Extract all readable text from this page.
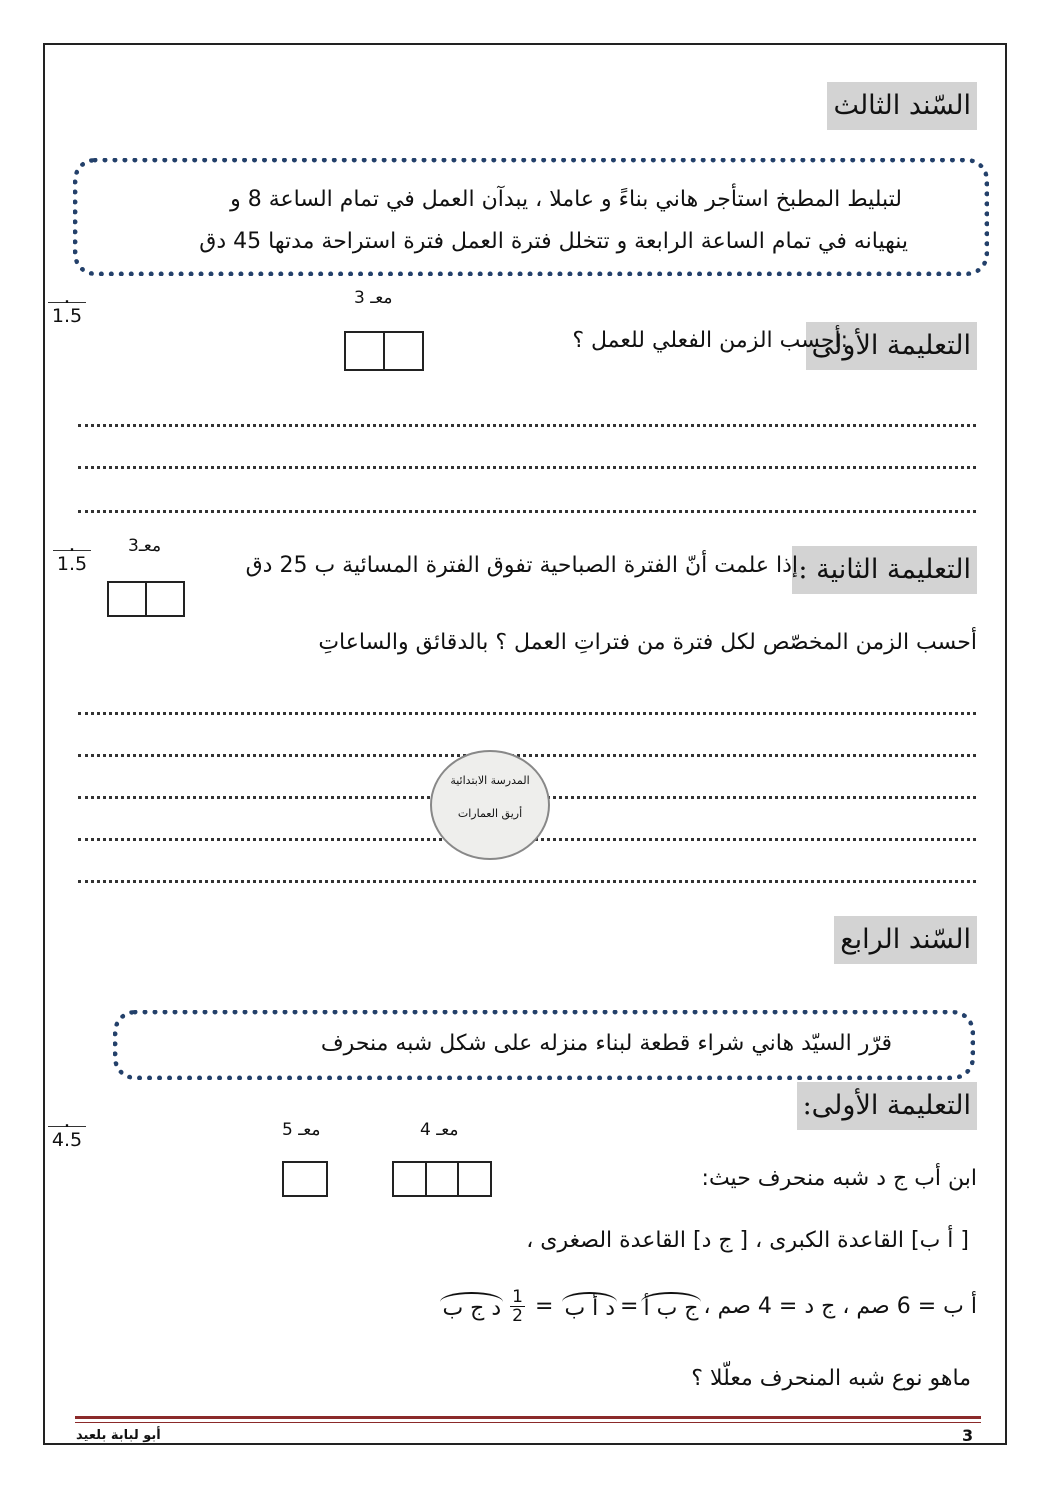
السّند الثالث
لتبليط المطبخ استأجر هاني بناءً و عاملا ، يبدآن العمل في تمام الساعة 8 و
ينهيانه في تمام الساعة الرابعة و تتخلل فترة العمل فترة استراحة مدتها 45 دق
.
1.5
معـ 3
التعليمة الأولى
:أحسب الزمن الفعلي للعمل ؟
.
1.5
معـ3
التعليمة الثانية :
إذا علمت أنّ الفترة الصباحية تفوق الفترة المسائية ب 25 دق
أحسب الزمن المخصّص لكل فترة من فتراتِ العمل ؟ بالدقائق والساعاتِ
المدرسة الابتدائية
أريق العمارات
السّند الرابع
قرّر السيّد هاني شراء قطعة لبناء منزله على شكل شبه منحرف
التعليمة الأولى:
.
4.5	معـ 5	معـ 4
ابن أب ج د شبه منحرف حيث:
[ أ ب] القاعدة الكبرى ، [ ج د] القاعدة الصغرى ،
أ ب = 6 صم ، ج د = 4 صم ،
ج ب أ
=
د أ ب
=
$\frac{1}{2}$
د ج ب
ماهو نوع شبه المنحرف معلّلا ؟
أبو لبابة بلعيد	3
